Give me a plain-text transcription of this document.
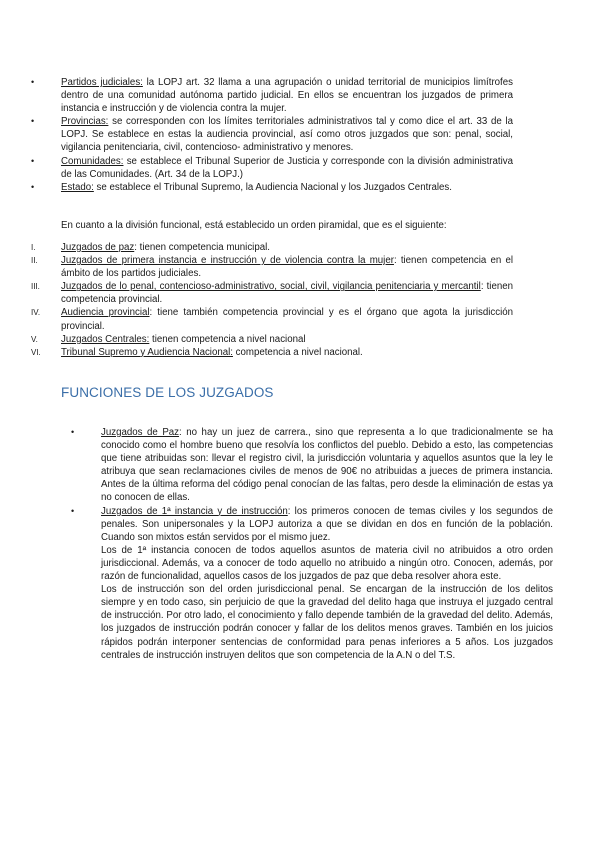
•	Partidos judiciales: la LOPJ art. 32 llama a una agrupación o unidad territorial de municipios limítrofes dentro de una comunidad autónoma partido judicial. En ellos se encuentran los juzgados de primera instancia e instrucción y de violencia contra la mujer.
•	Provincias: se corresponden con los límites territoriales administrativos tal y como dice el art. 33 de la LOPJ. Se establece en estas la audiencia provincial, así como otros juzgados que son: penal, social, vigilancia penitenciaria, civil, contencioso- administrativo y menores.
•	Comunidades: se establece el Tribunal Superior de Justicia y corresponde con la división administrativa de las Comunidades. (Art. 34 de la LOPJ.)
•	Estado: se establece el Tribunal Supremo, la Audiencia Nacional y los Juzgados Centrales.

En cuanto a la división funcional, está establecido un orden piramidal, que es el siguiente:

I.	Juzgados de paz: tienen competencia municipal.
II.	Juzgados de primera instancia e instrucción y de violencia contra la mujer: tienen competencia en el ámbito de los partidos judiciales.
III.	Juzgados de lo penal, contencioso-administrativo, social, civil, vigilancia penitenciaria y mercantil: tienen competencia provincial.
IV.	Audiencia provincial: tiene también competencia provincial y es el órgano que agota la jurisdicción provincial.
V.	Juzgados Centrales: tienen competencia a nivel nacional
VI.	Tribunal Supremo y Audiencia Nacional: competencia a nivel nacional.
FUNCIONES DE LOS JUZGADOS
•	Juzgados de Paz: no hay un juez de carrera., sino que representa a lo que tradicionalmente se ha conocido como el hombre bueno que resolvía los conflictos del pueblo. Debido a esto, las competencias que tiene atribuidas son: llevar el registro civil, la jurisdicción voluntaria y aquellos asuntos que la ley le atribuya que sean reclamaciones civiles de menos de 90€ no atribuidas a jueces de primera instancia. Antes de la última reforma del código penal conocían de las faltas, pero desde la eliminación de estas ya no conocen de ellas.
•	Juzgados de 1ª instancia y de instrucción: los primeros conocen de temas civiles y los segundos de penales. Son unipersonales y la LOPJ autoriza a que se dividan en dos en función de la población. Cuando son mixtos están servidos por el mismo juez.

Los de 1ª instancia conocen de todos aquellos asuntos de materia civil no atribuidos a otro orden jurisdiccional. Además, va a conocer de todo aquello no atribuido a ningún otro. Conocen, además, por razón de funcionalidad, aquellos casos de los juzgados de paz que deba resolver ahora este.

Los de instrucción son del orden jurisdiccional penal. Se encargan de la instrucción de los delitos siempre y en todo caso, sin perjuicio de que la gravedad del delito haga que instruya el juzgado central de instrucción. Por otro lado, el conocimiento y fallo depende también de la gravedad del delito. Además, los juzgados de instrucción podrán conocer y fallar de los delitos menos graves. También en los juicios rápidos podrán interponer sentencias de conformidad para penas inferiores a 5 años. Los juzgados centrales de instrucción instruyen delitos que son competencia de la A.N o del T.S.
